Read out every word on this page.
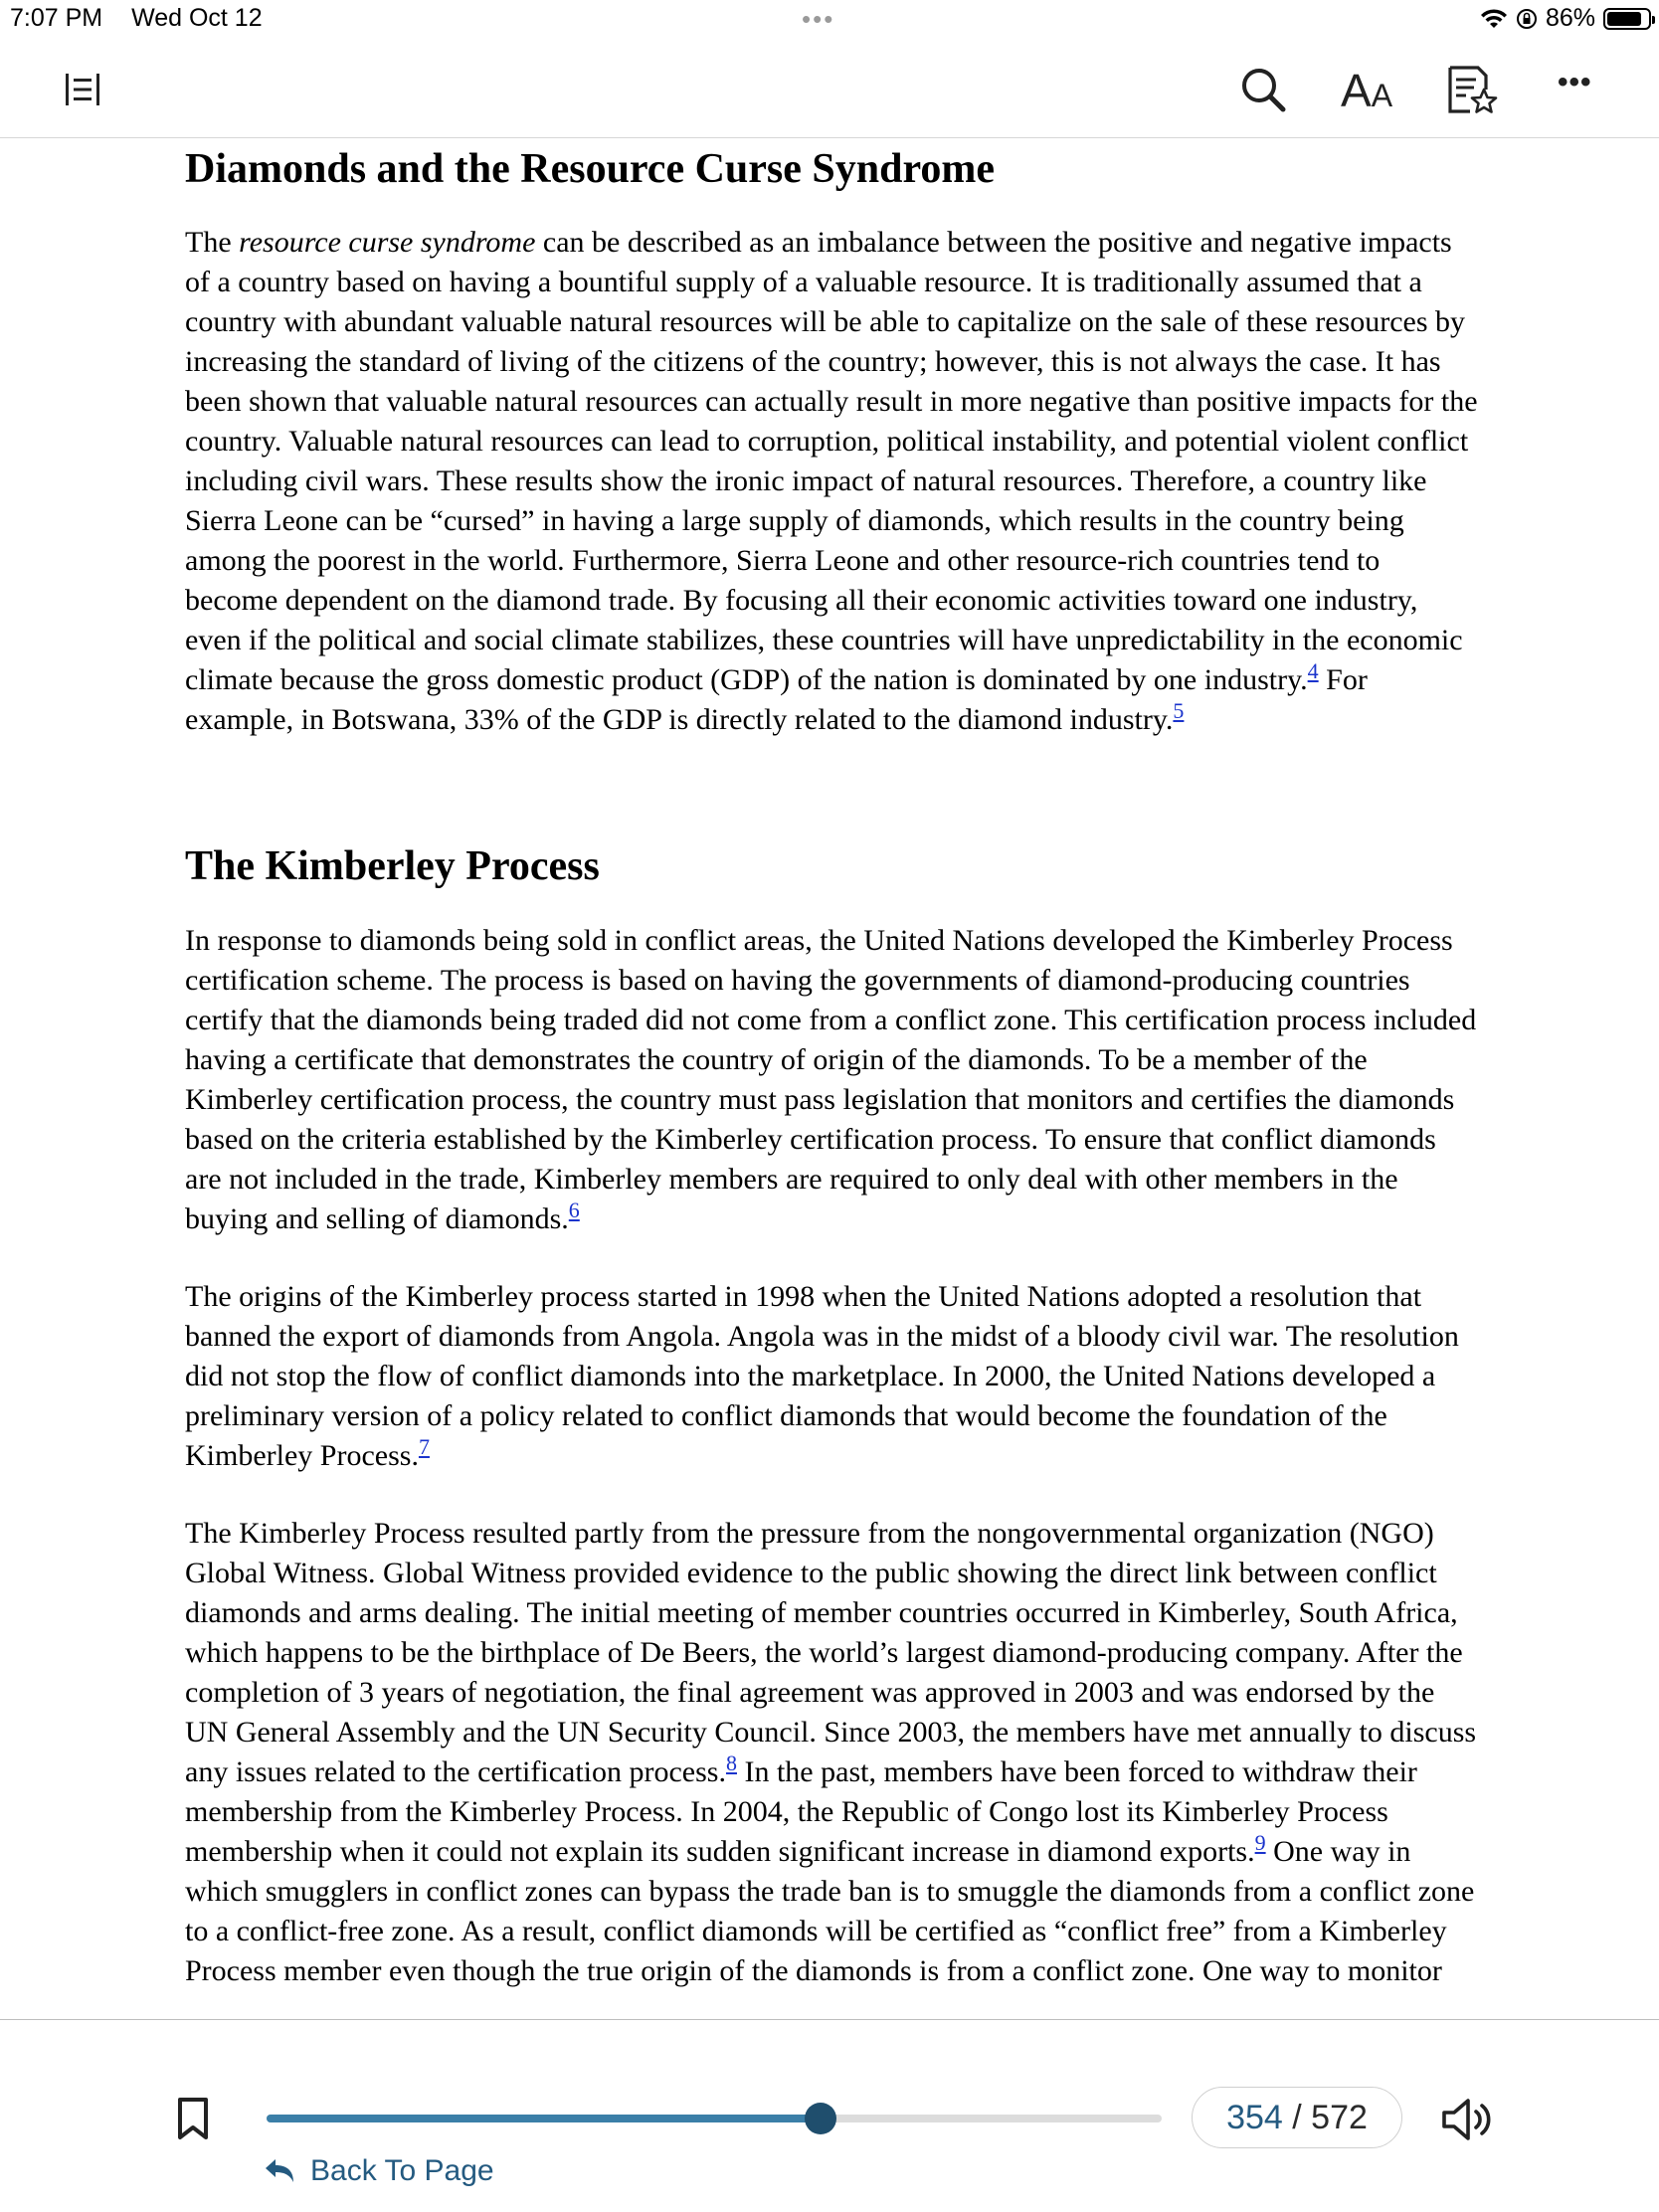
7:07 PM Wed Oct 12	•••	86%
AA	•••
Diamonds and the Resource Curse Syndrome

The resource curse syndrome can be described as an imbalance between the positive and negative impacts of a country based on having a bountiful supply of a valuable resource. It is traditionally assumed that a country with abundant valuable natural resources will be able to capitalize on the sale of these resources by increasing the standard of living of the citizens of the country; however, this is not always the case. It has been shown that valuable natural resources can actually result in more negative than positive impacts for the country. Valuable natural resources can lead to corruption, political instability, and potential violent conflict including civil wars. These results show the ironic impact of natural resources. Therefore, a country like Sierra Leone can be “cursed” in having a large supply of diamonds, which results in the country being among the poorest in the world. Furthermore, Sierra Leone and other resource-rich countries tend to become dependent on the diamond trade. By focusing all their economic activities toward one industry, even if the political and social climate stabilizes, these countries will have unpredictability in the economic climate because the gross domestic product (GDP) of the nation is dominated by one industry.$^4$ For example, in Botswana, 33% of the GDP is directly related to the diamond industry.$^5$

The Kimberley Process

In response to diamonds being sold in conflict areas, the United Nations developed the Kimberley Process certification scheme. The process is based on having the governments of diamond-producing countries certify that the diamonds being traded did not come from a conflict zone. This certification process included having a certificate that demonstrates the country of origin of the diamonds. To be a member of the Kimberley certification process, the country must pass legislation that monitors and certifies the diamonds based on the criteria established by the Kimberley certification process. To ensure that conflict diamonds are not included in the trade, Kimberley members are required to only deal with other members in the buying and selling of diamonds.$^6$

The origins of the Kimberley process started in 1998 when the United Nations adopted a resolution that banned the export of diamonds from Angola. Angola was in the midst of a bloody civil war. The resolution did not stop the flow of conflict diamonds into the marketplace. In 2000, the United Nations developed a preliminary version of a policy related to conflict diamonds that would become the foundation of the Kimberley Process.$^7$

The Kimberley Process resulted partly from the pressure from the nongovernmental organization (NGO) Global Witness. Global Witness provided evidence to the public showing the direct link between conflict diamonds and arms dealing. The initial meeting of member countries occurred in Kimberley, South Africa, which happens to be the birthplace of De Beers, the world’s largest diamond-producing company. After the completion of 3 years of negotiation, the final agreement was approved in 2003 and was endorsed by the UN General Assembly and the UN Security Council. Since 2003, the members have met annually to discuss any issues related to the certification process.$^8$ In the past, members have been forced to withdraw their membership from the Kimberley Process. In 2004, the Republic of Congo lost its Kimberley Process membership when it could not explain its sudden significant increase in diamond exports.$^9$ One way in which smugglers in conflict zones can bypass the trade ban is to smuggle the diamonds from a conflict zone to a conflict-free zone. As a result, conflict diamonds will be certified as “conflict free” from a Kimberley Process member even though the true origin of the diamonds is from a conflict zone. One way to monitor

354 / 572
Back To Page
